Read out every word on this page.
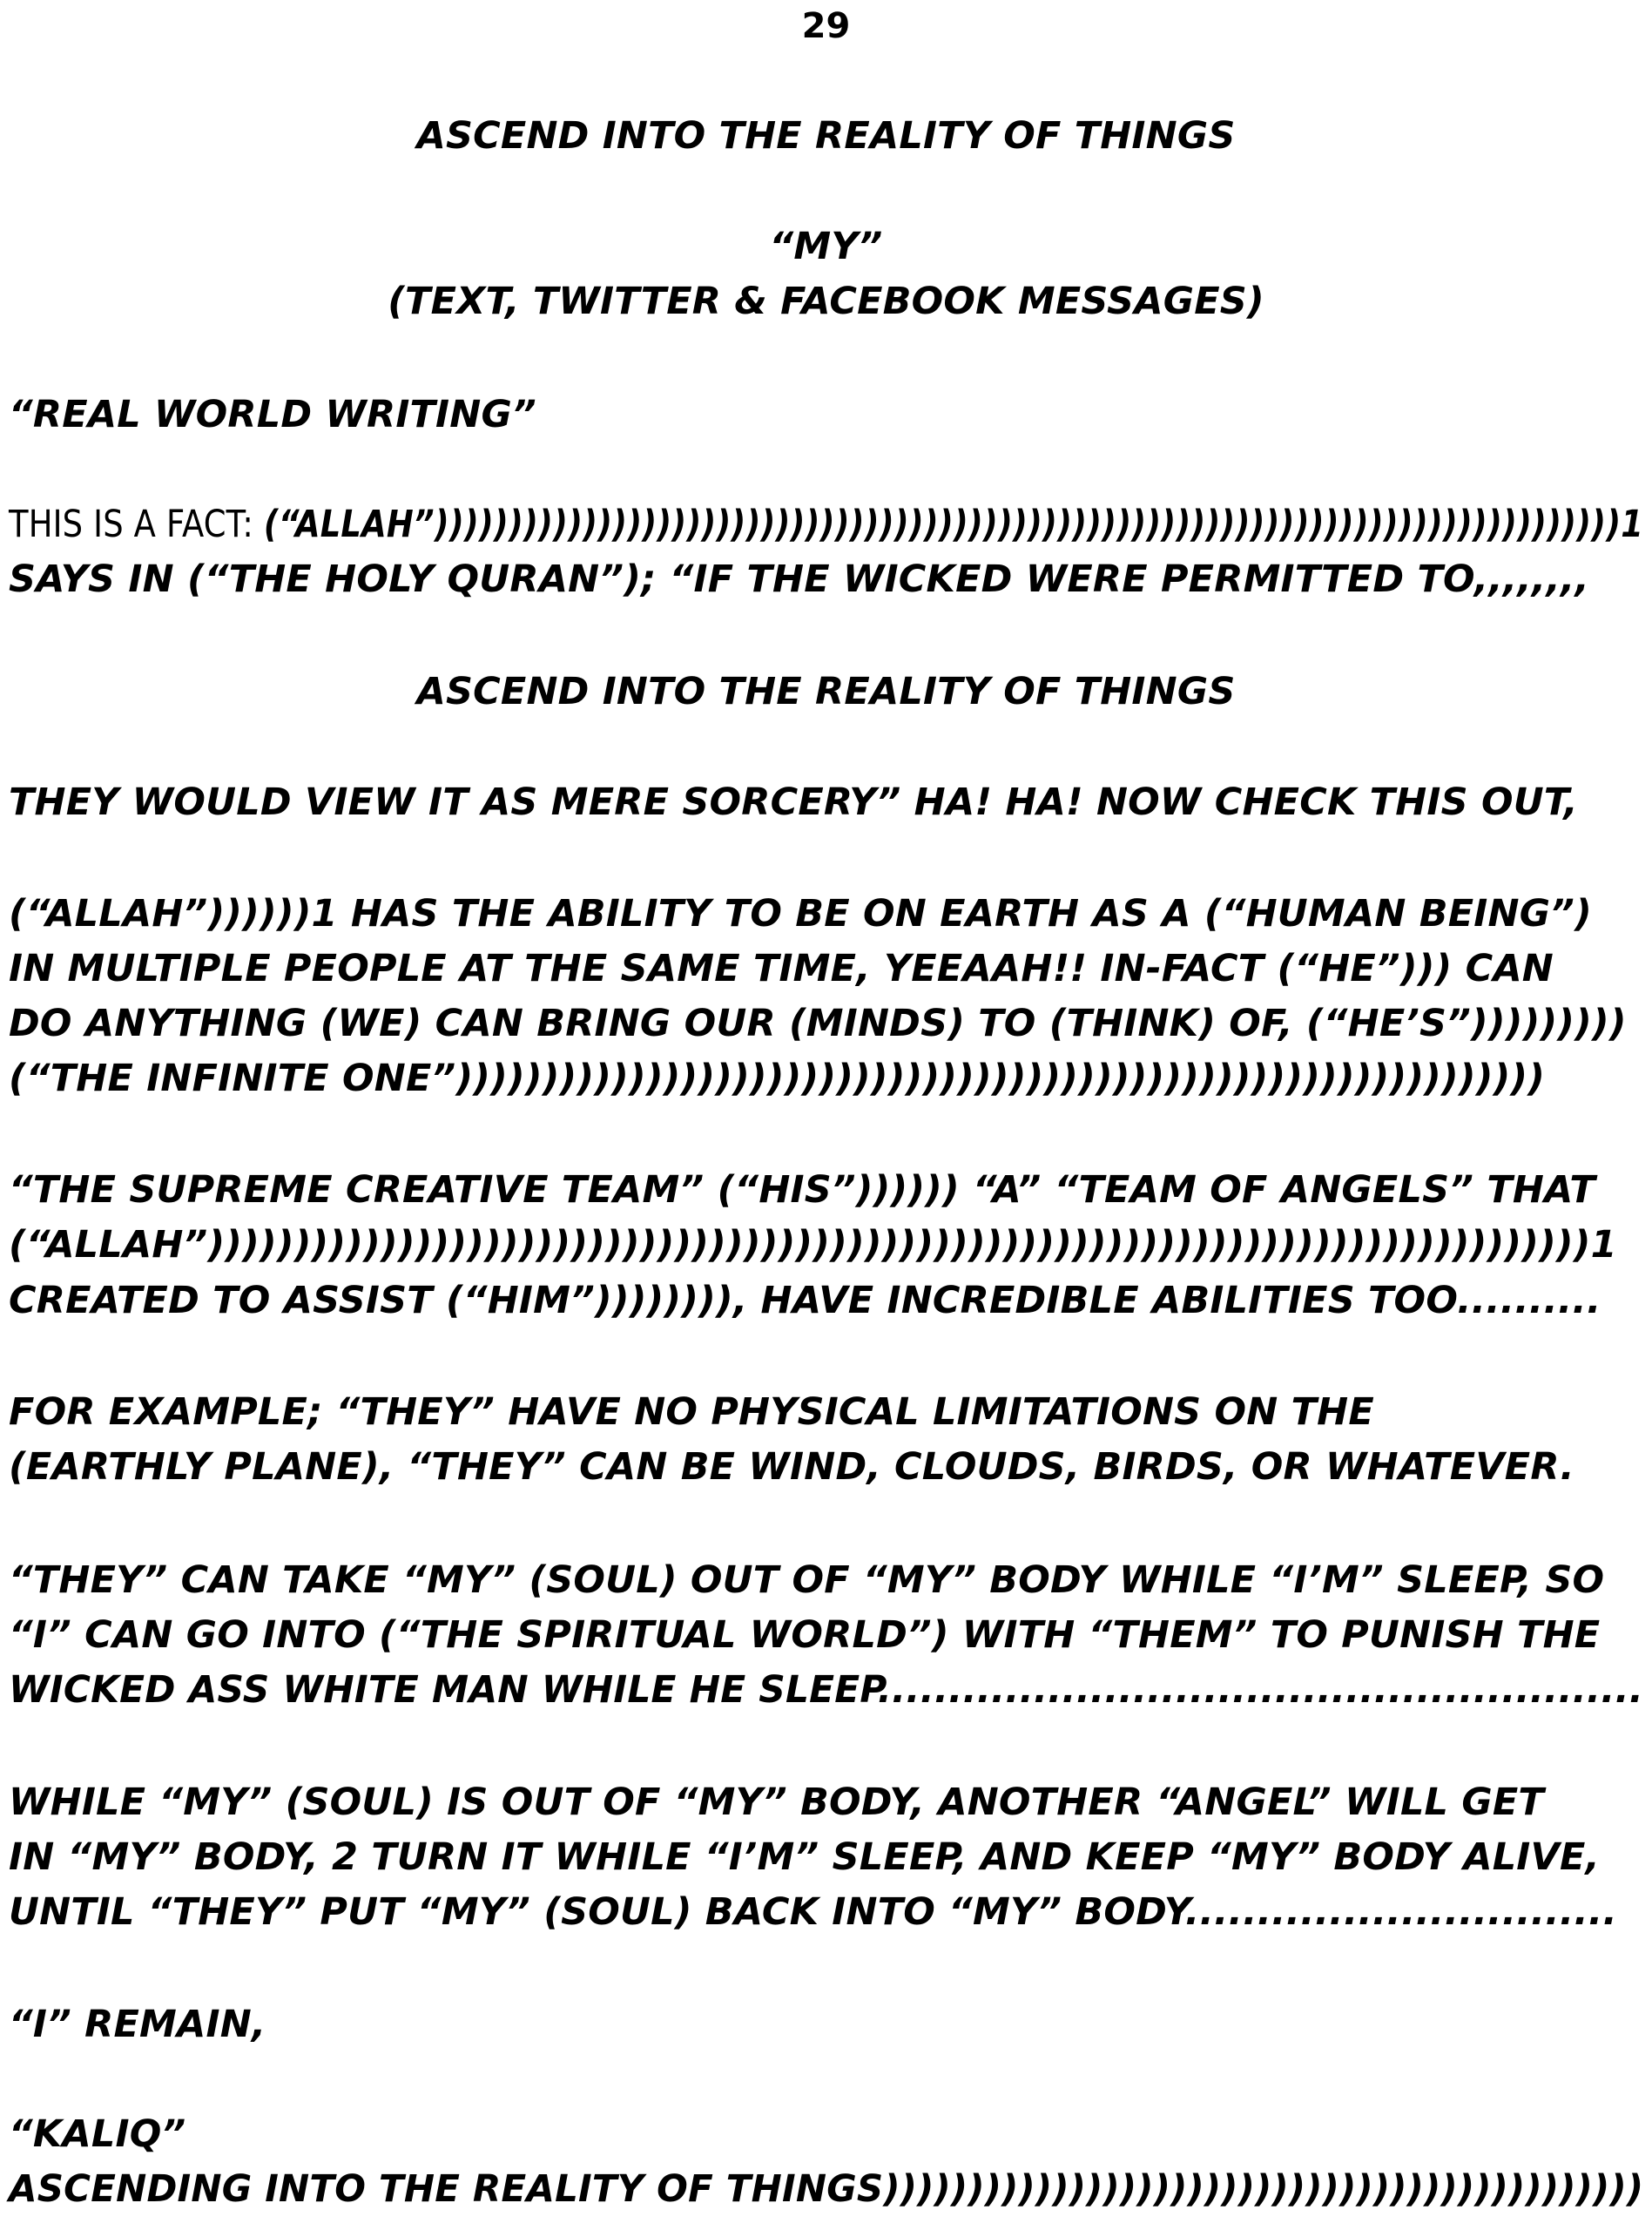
29
ASCEND INTO THE REALITY OF THINGS
“MY”
(TEXT, TWITTER & FACEBOOK MESSAGES)
“REAL WORLD WRITING”
THIS IS A FACT: (“ALLAH”))))))))))))))))))))))))))))))))))))))))))))))))))))))))))))))))))))))))))))))))1
SAYS IN (“THE HOLY QURAN”); “IF THE WICKED WERE PERMITTED TO,,,,,,,,
ASCEND INTO THE REALITY OF THINGS
THEY WOULD VIEW IT AS MERE SORCERY” HA! HA! NOW CHECK THIS OUT,
(“ALLAH”))))))1 HAS THE ABILITY TO BE ON EARTH AS A (“HUMAN BEING”)
IN MULTIPLE PEOPLE AT THE SAME TIME, YEEAAH!! IN-FACT (“HE”))) CAN
DO ANYTHING (WE) CAN BRING OUR (MINDS) TO (THINK) OF, (“HE’S”)))))))))
(“THE INFINITE ONE”)))))))))))))))))))))))))))))))))))))))))))))))))))))))))))))))
“THE SUPREME CREATIVE TEAM” (“HIS”)))))) “A” “TEAM OF ANGELS” THAT
(“ALLAH”))))))))))))))))))))))))))))))))))))))))))))))))))))))))))))))))))))))))))))))))1
CREATED TO ASSIST (“HIM”)))))))), HAVE INCREDIBLE ABILITIES TOO..........
FOR EXAMPLE; “THEY” HAVE NO PHYSICAL LIMITATIONS ON THE
(EARTHLY PLANE), “THEY” CAN BE WIND, CLOUDS, BIRDS, OR WHATEVER.
“THEY” CAN TAKE “MY” (SOUL) OUT OF “MY” BODY WHILE “I’M” SLEEP, SO
“I” CAN GO INTO (“THE SPIRITUAL WORLD”) WITH “THEM” TO PUNISH THE
WICKED ASS WHITE MAN WHILE HE SLEEP......................................................
WHILE “MY” (SOUL) IS OUT OF “MY” BODY, ANOTHER “ANGEL” WILL GET
IN “MY” BODY, 2 TURN IT WHILE “I’M” SLEEP, AND KEEP “MY” BODY ALIVE,
UNTIL “THEY” PUT “MY” (SOUL) BACK INTO “MY” BODY..............................
“I” REMAIN,
“KALIQ”
ASCENDING INTO THE REALITY OF THINGS)))))))))))))))))))))))))))))))))))))))))))))
